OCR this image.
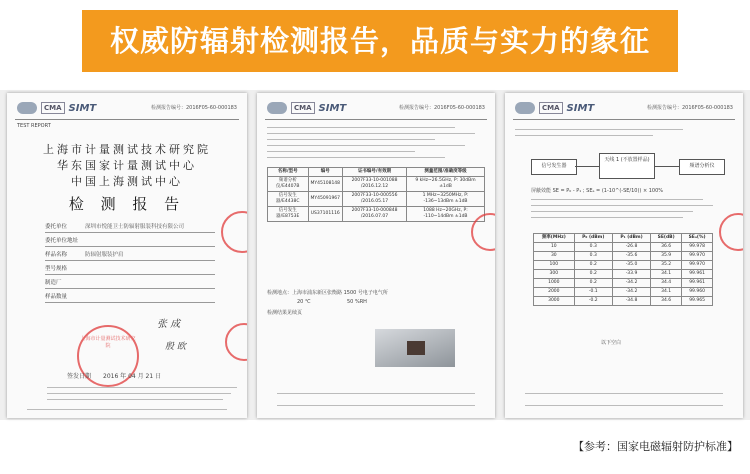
权威防辐射检测报告，品质与实力的象征
CMA SIMT	检测报告编号：2016F05-60-000183
TEST REPORT
上海市计量测试技术研究院
华东国家计量测试中心
中国上海测试中心
检 测 报 告
委托单位	深圳市悦能卫士防辐射服装科技有限公司
委托单位地址
样品名称	防辐射服装护肩
型号规格
制造厂
样品数量
上海市计量测试技术研究院
张 成
殷 欧
签发日期 2016 年 04 月 21 日
CMA SIMT	检测报告编号：2016F05-60-000183
名称/型号	编号	证书编号/有效期	测量范围/准确度等级
频谱分析仪/E4407B	MY45108148	2007F33-10-001088 /2016.12.12	9 kHz~26.5GHz, P: 30dBm ±1dB
信号发生器/E4438C	MY45091967	2007F33-10-000556 /2016.05.17	1 MHz~3250MHz, P: -136~13dBm ±1dB
信号发生器/E8753E	US37101116	2007F33-10-000848 /2016.07.07	1088 Hz~20GHz, P: -110~14dBm ±1dB
检测地点：上海市浦东新区张衡路 1500 号电子电气所
20 ℃	50 %RH
检测结果见续页
CMA SIMT	检测报告编号：2016F05-60-000183
信号发生器
天线 1 (不放置样品)
频谱分析仪
屏蔽效能 SE = P₀ - P₁ ; SEₐ = (1-10^(-SE/10)) × 100%
频率(MHz)	P₀ (dBm)	P₁ (dBm)	SE(dB)	SEₐ(%)
10	0.3	-26.8	36.6	99.978
30	0.3	-35.6	35.9	99.970
100	0.2	-35.0	35.2	99.970
300	0.2	-33.9	34.1	99.961
1000	0.2	-34.2	34.4	99.961
2000	-0.1	-34.2	34.1	99.960
3000	-0.2	-34.8	34.6	99.965
以下空白
【参考：国家电磁辐射防护标准】
